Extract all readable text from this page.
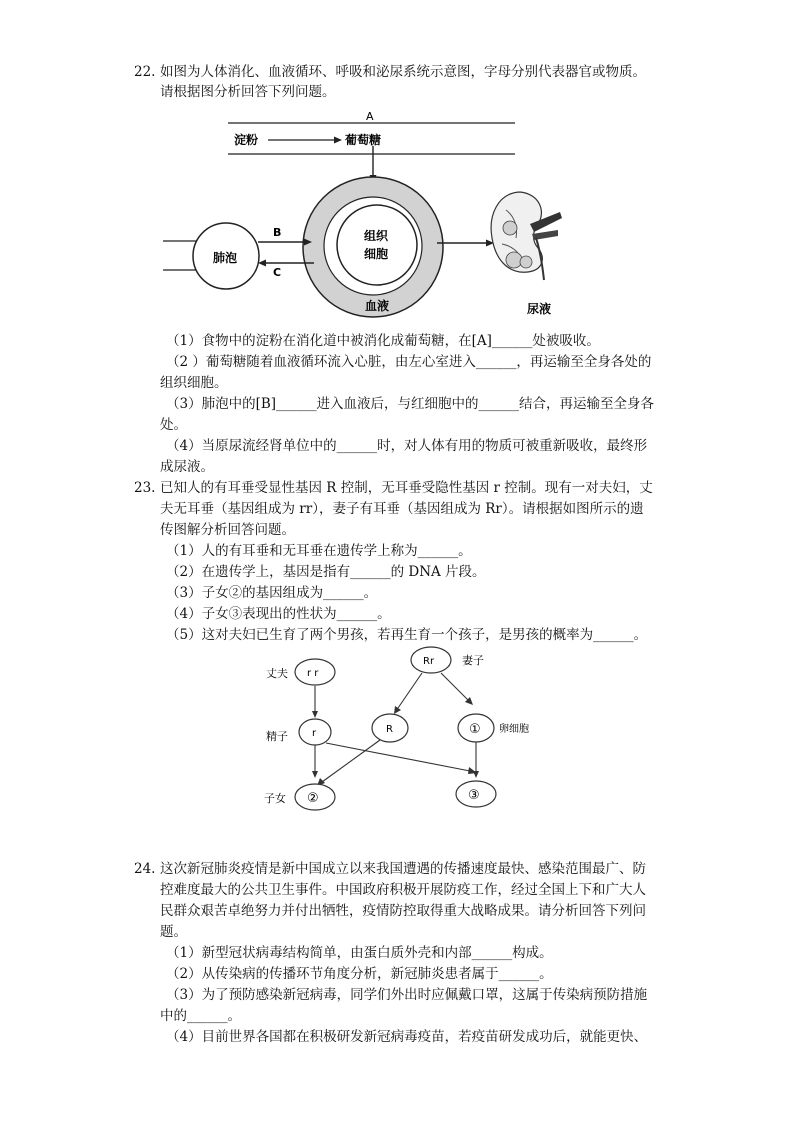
22. 如图为人体消化、血液循环、呼吸和泌尿系统示意图，字母分别代表器官或物质。
请根据图分析回答下列问题。
A
淀粉	葡萄糖
组织
细胞
血液
肺泡
B
C
尿液
（1）食物中的淀粉在消化道中被消化成葡萄糖，在[A]______处被吸收。
（2 ）葡萄糖随着血液循环流入心脏，由左心室进入______，再运输至全身各处的
组织细胞。
（3）肺泡中的[B]______进入血液后，与红细胞中的______结合，再运输至全身各
处。
（4）当原尿流经肾单位中的______时，对人体有用的物质可被重新吸收，最终形
成尿液。
23. 已知人的有耳垂受显性基因 R 控制，无耳垂受隐性基因 r 控制。现有一对夫妇，丈
夫无耳垂（基因组成为 rr），妻子有耳垂（基因组成为 Rr）。请根据如图所示的遗
传图解分析回答问题。
（1）人的有耳垂和无耳垂在遗传学上称为______。
（2）在遗传学上，基因是指有______的 DNA 片段。
（3）子女②的基因组成为______。
（4）子女③表现出的性状为______。
（5）这对夫妇已生育了两个男孩，若再生育一个孩子，是男孩的概率为______。
丈夫 r r
Rr	妻子
精子 r	R	① 卵细胞
子女 ②	③
24. 这次新冠肺炎疫情是新中国成立以来我国遭遇的传播速度最快、感染范围最广、防
控难度最大的公共卫生事件。中国政府积极开展防疫工作，经过全国上下和广大人
民群众艰苦卓绝努力并付出牺牲，疫情防控取得重大战略成果。请分析回答下列问
题。
（1）新型冠状病毒结构简单，由蛋白质外壳和内部______构成。
（2）从传染病的传播环节角度分析，新冠肺炎患者属于______。
（3）为了预防感染新冠病毒，同学们外出时应佩戴口罩，这属于传染病预防措施
中的______。
（4）目前世界各国都在积极研发新冠病毒疫苗，若疫苗研发成功后，就能更快、
